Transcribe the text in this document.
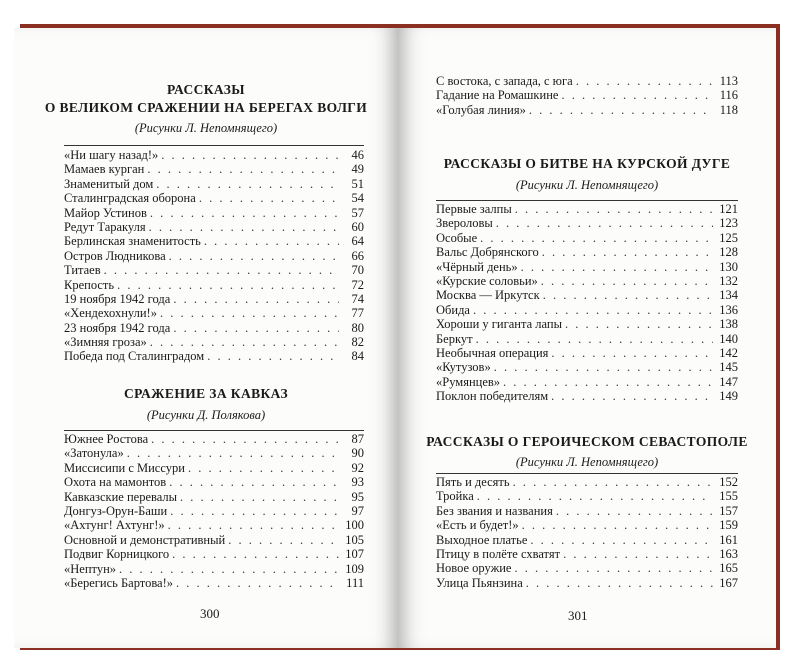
РАССКАЗЫ
О ВЕЛИКОМ СРАЖЕНИИ НА БЕРЕГАХ ВОЛГИ
(Рисунки Л. Непомнящего)
«Ни шагу назад!» . . .	46
Мамаев курган . . .	49
Знаменитый дом . . .	51
Сталинградская оборона . . .	54
Майор Устинов . . .	57
Редут Таракуля . . .	60
Берлинская знаменитость . . .	64
Остров Людникова . . .	66
Титаев . . .	70
Крепость . . .	72
19 ноября 1942 года . . .	74
«Хендехохнули!» . . .	77
23 ноября 1942 года . . .	80
«Зимняя гроза» . . .	82
Победа под Сталинградом . . .	84
СРАЖЕНИЕ ЗА КАВКАЗ
(Рисунки Д. Полякова)
Южнее Ростова . . .	87
«Затонула» . . .	90
Миссисипи с Миссури . . .	92
Охота на мамонтов . . .	93
Кавказские перевалы . . .	95
Донгуз-Орун-Баши . . .	97
«Ахтунг! Ахтунг!» . . .	100
Основной и демонстративный . . .	105
Подвиг Корницкого . . .	107
«Нептун» . . .	109
«Берегись Бартова!» . . .	111
300
С востока, с запада, с юга . . .	113
Гадание на Ромашкине . . .	116
«Голубая линия» . . .	118
РАССКАЗЫ О БИТВЕ НА КУРСКОЙ ДУГЕ
(Рисунки Л. Непомнящего)
Первые залпы . . .	121
Звероловы . . .	123
Особые . . .	125
Вальс Добрянского . . .	128
«Чёрный день» . . .	130
«Курские соловьи» . . .	132
Москва — Иркутск . . .	134
Обида . . .	136
Хороши у гиганта лапы . . .	138
Беркут . . .	140
Необычная операция . . .	142
«Кутузов» . . .	145
«Румянцев» . . .	147
Поклон победителям . . .	149
РАССКАЗЫ О ГЕРОИЧЕСКОМ СЕВАСТОПОЛЕ
(Рисунки Л. Непомнящего)
Пять и десять . . .	152
Тройка . . .	155
Без звания и названия . . .	157
«Есть и будет!» . . .	159
Выходное платье . . .	161
Птицу в полёте схватят . . .	163
Новое оружие . . .	165
Улица Пьянзина . . .	167
301
